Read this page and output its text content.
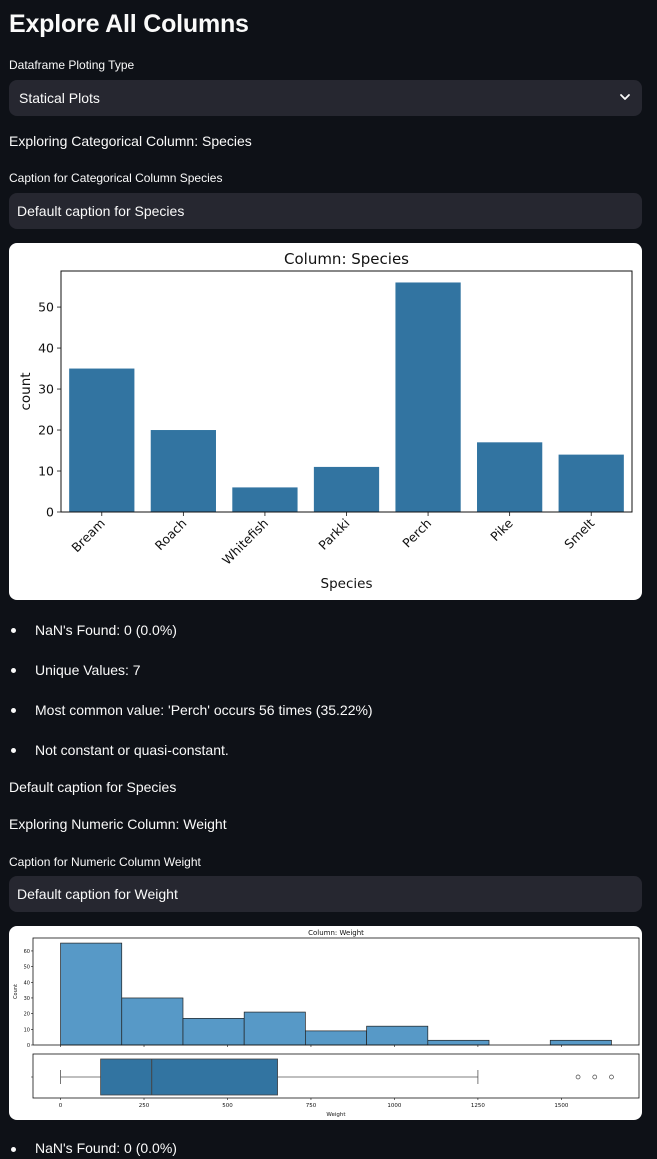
Explore All Columns
Dataframe Ploting Type
Statical Plots
Exploring Categorical Column: Species
Caption for Categorical Column Species
Default caption for Species
Column: Species
Bream	Roach Whitefish	Parkki	Perch	Pike	Smelt
0
10
20
30
40
50
Species
count
NaN's Found: 0 (0.0%)
Unique Values: 7
Most common value: 'Perch' occurs 56 times (35.22%)
Not constant or quasi-constant.
Default caption for Species
Exploring Numeric Column: Weight
Caption for Numeric Column Weight
Default caption for Weight
Column: Weight
0
10
20
30
40
50
60
Count
0	250	500	750	1000	1250	1500
Weight
NaN's Found: 0 (0.0%)
